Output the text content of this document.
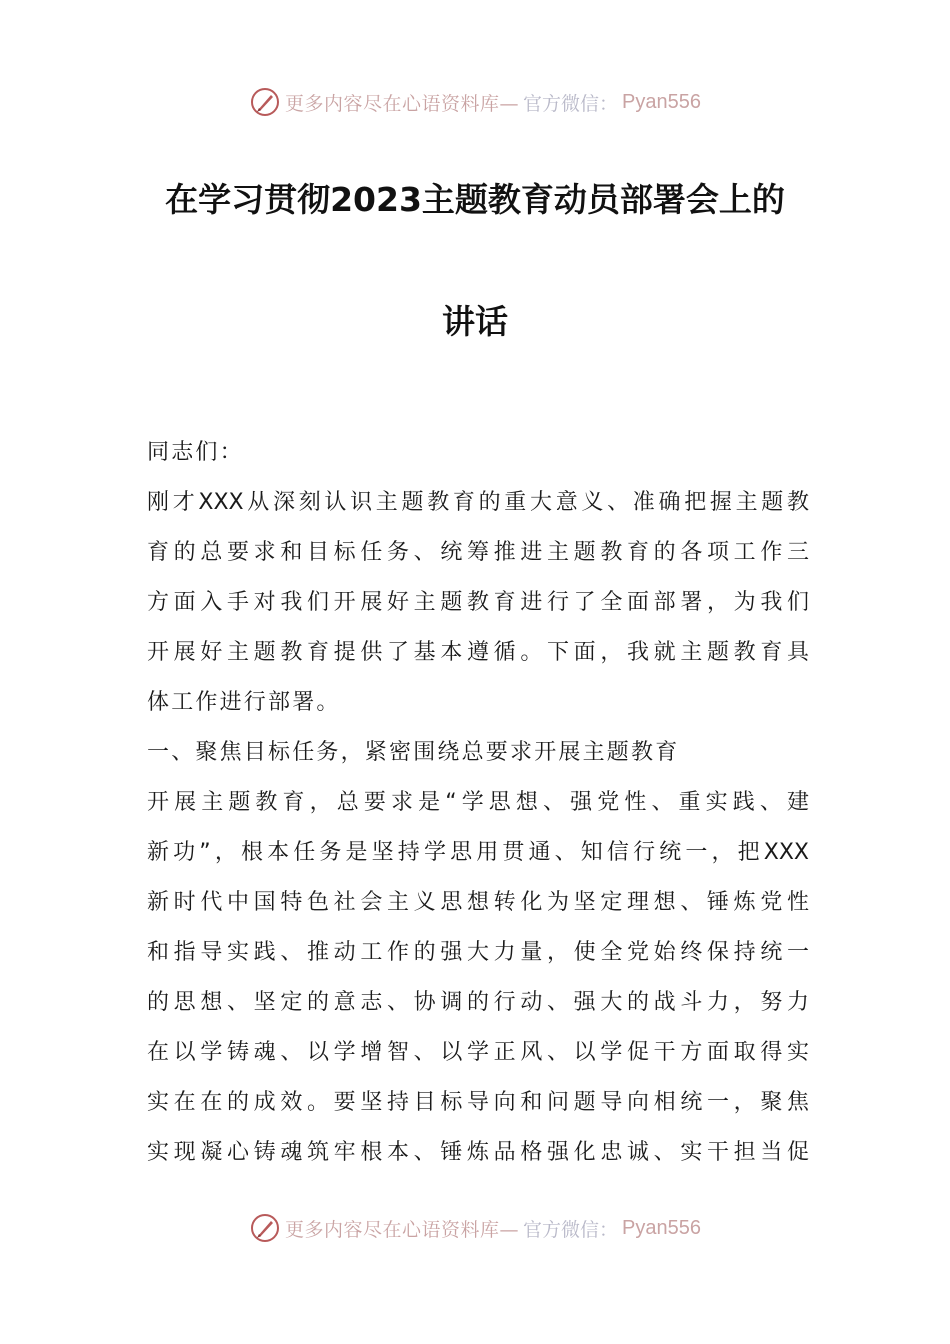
更多内容尽在心语资料库— 官方微信： Pyan556
在学习贯彻2023主题教育动员部署会上的
讲话
同志们：
刚才XXX从深刻认识主题教育的重大意义、准确把握主题教
育的总要求和目标任务、统筹推进主题教育的各项工作三
方面入手对我们开展好主题教育进行了全面部署，为我们
开展好主题教育提供了基本遵循。下面，我就主题教育具
体工作进行部署。
一、聚焦目标任务，紧密围绕总要求开展主题教育
开展主题教育，总要求是“学思想、强党性、重实践、建
新功”，根本任务是坚持学思用贯通、知信行统一，把XXX
新时代中国特色社会主义思想转化为坚定理想、锤炼党性
和指导实践、推动工作的强大力量，使全党始终保持统一
的思想、坚定的意志、协调的行动、强大的战斗力，努力
在以学铸魂、以学增智、以学正风、以学促干方面取得实
实在在的成效。要坚持目标导向和问题导向相统一，聚焦
实现凝心铸魂筑牢根本、锤炼品格强化忠诚、实干担当促
更多内容尽在心语资料库— 官方微信： Pyan556
